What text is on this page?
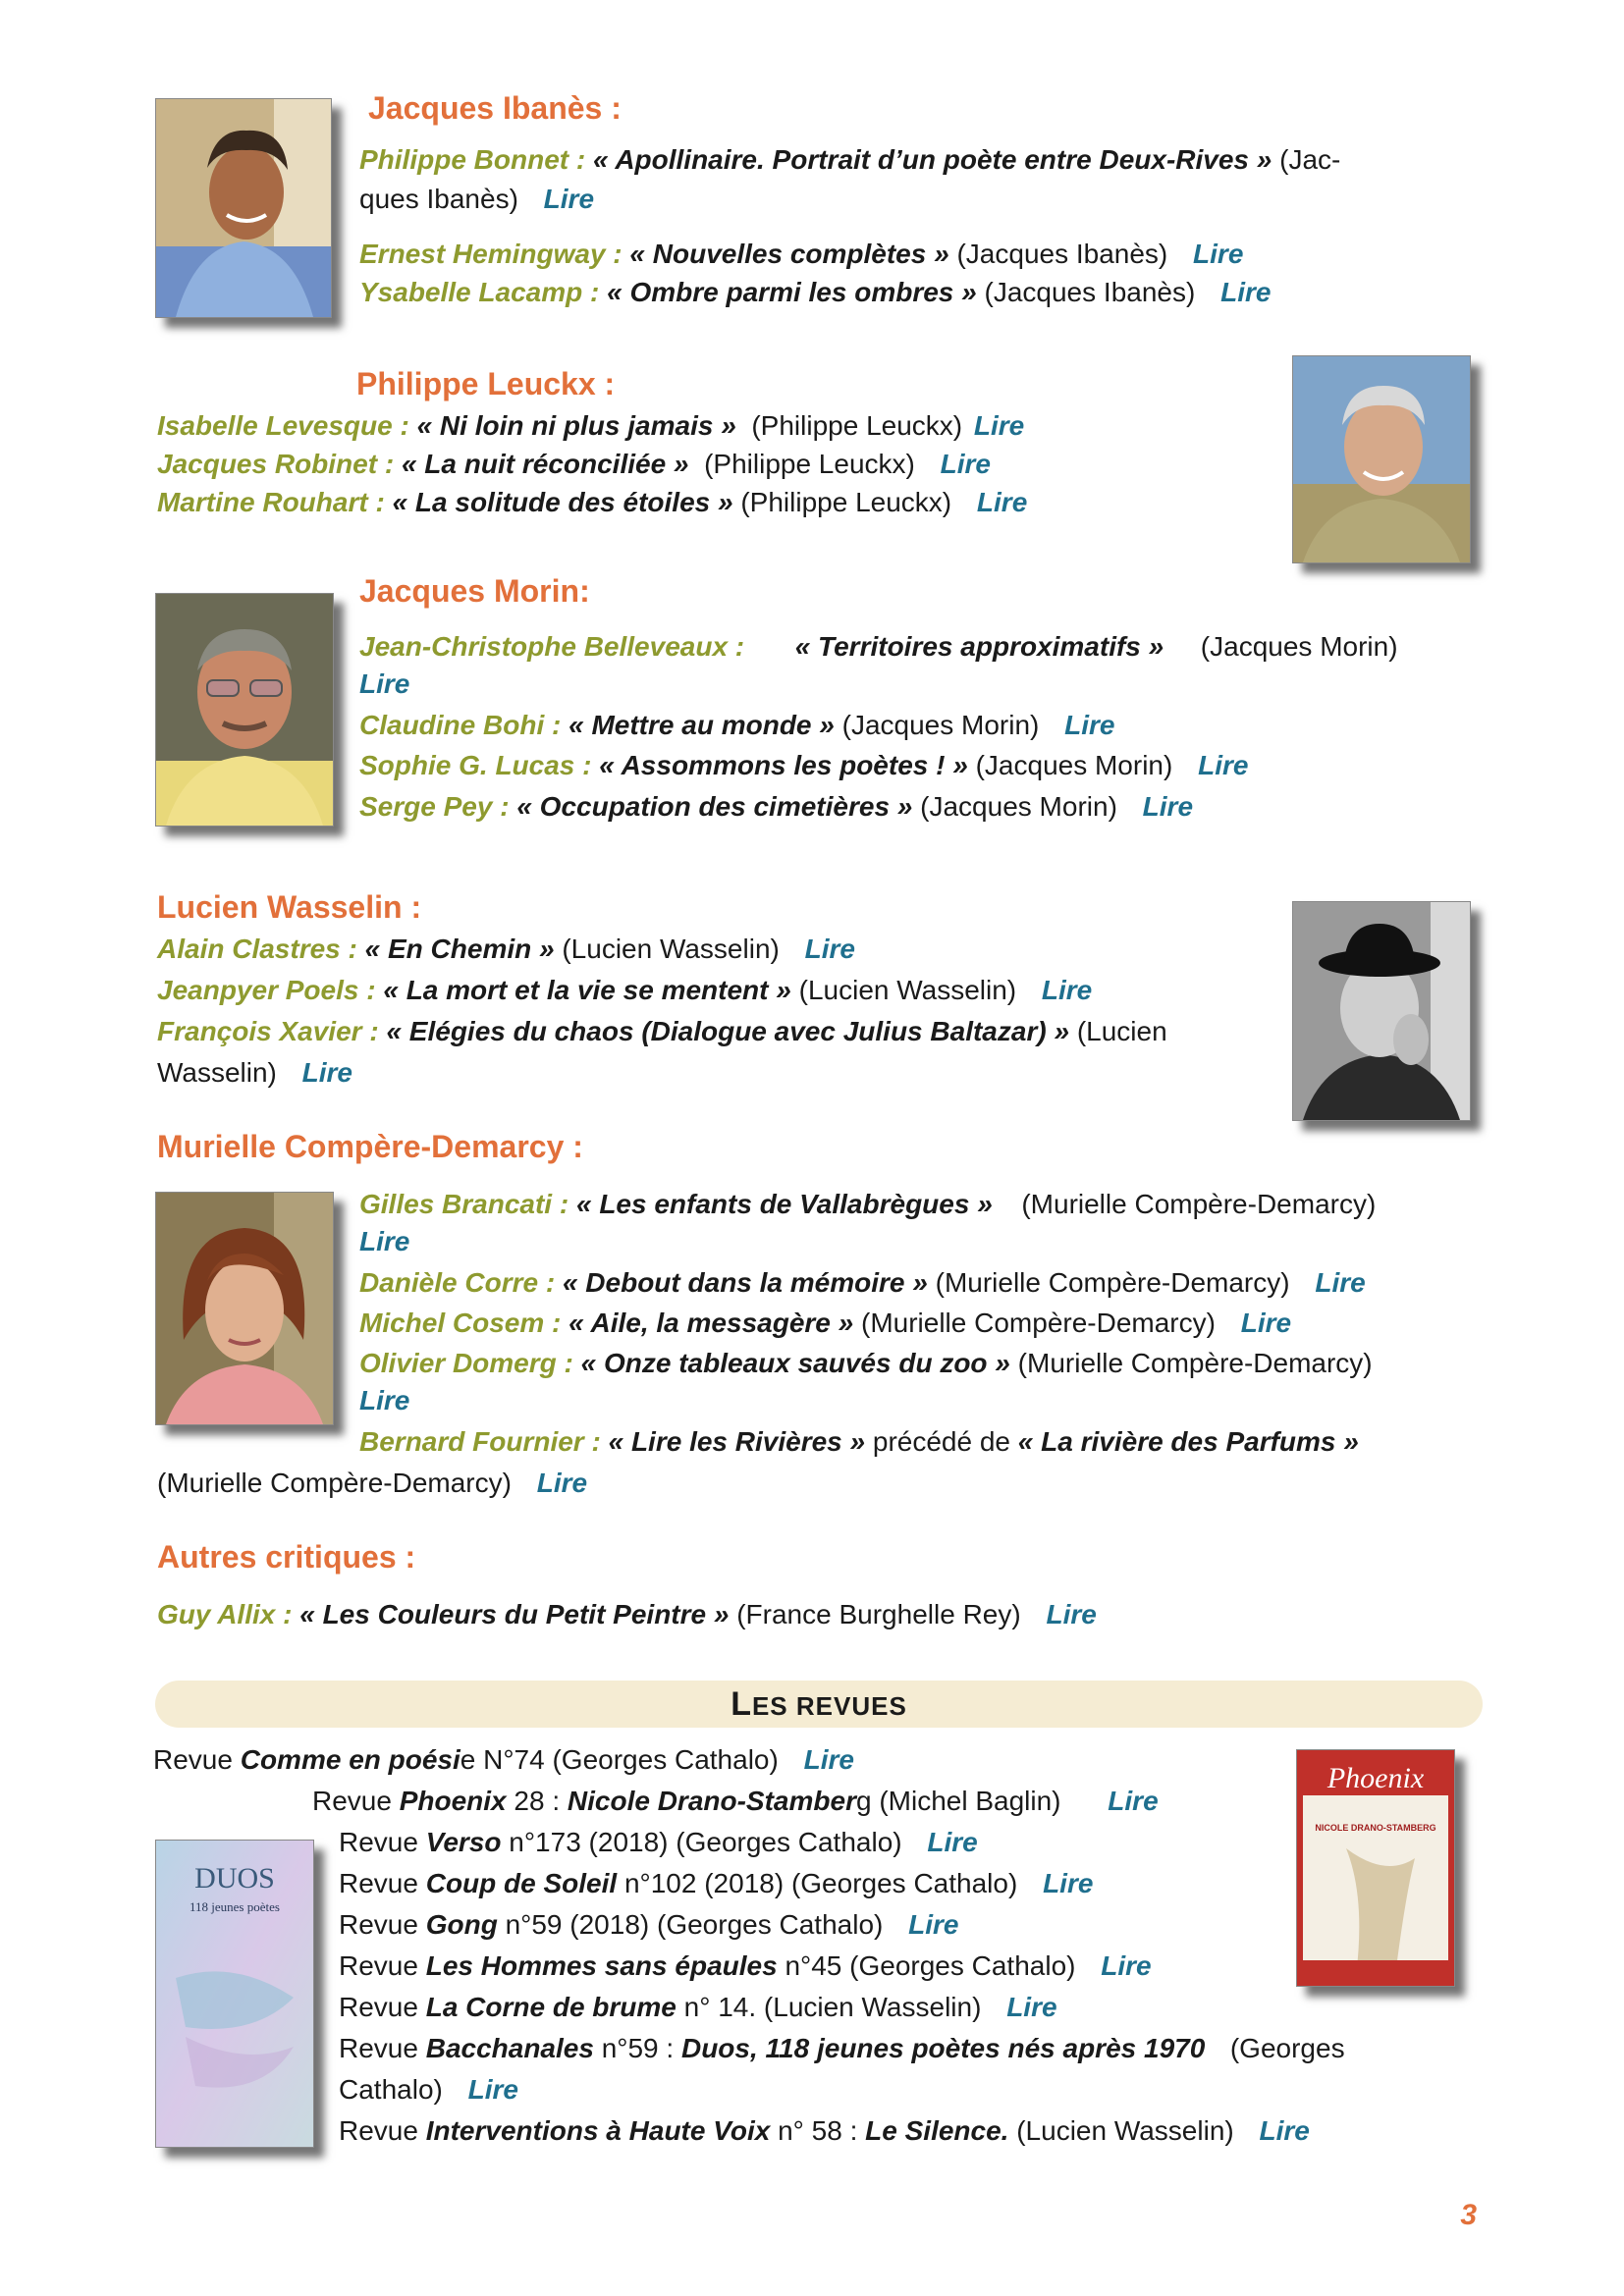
Jacques Ibanès :
Philippe Bonnet : « Apollinaire. Portrait d’un poète entre Deux-Rives » (Jac-
ques Ibanès) Lire
Ernest Hemingway : « Nouvelles complètes » (Jacques Ibanès) Lire
Ysabelle Lacamp : « Ombre parmi les ombres » (Jacques Ibanès) Lire
Philippe Leuckx :
Isabelle Levesque : « Ni loin ni plus jamais » (Philippe Leuckx) Lire
Jacques Robinet : « La nuit réconciliée » (Philippe Leuckx) Lire
Martine Rouhart : « La solitude des étoiles » (Philippe Leuckx) Lire
Jacques Morin:
Jean-Christophe Belleveaux : « Territoires approximatifs » (Jacques Morin)
Lire
Claudine Bohi : « Mettre au monde » (Jacques Morin) Lire
Sophie G. Lucas : « Assommons les poètes ! » (Jacques Morin) Lire
Serge Pey : « Occupation des cimetières » (Jacques Morin) Lire
Lucien Wasselin :
Alain Clastres : « En Chemin » (Lucien Wasselin) Lire
Jeanpyer Poels : « La mort et la vie se mentent » (Lucien Wasselin) Lire
François Xavier : « Elégies du chaos (Dialogue avec Julius Baltazar) » (Lucien
Wasselin) Lire
Murielle Compère-Demarcy :
Gilles Brancati : « Les enfants de Vallabrègues » (Murielle Compère-Demarcy)
Lire
Danièle Corre : « Debout dans la mémoire » (Murielle Compère-Demarcy) Lire
Michel Cosem : « Aile, la messagère » (Murielle Compère-Demarcy) Lire
Olivier Domerg : « Onze tableaux sauvés du zoo » (Murielle Compère-Demarcy)
Lire
Bernard Fournier : « Lire les Rivières » précédé de « La rivière des Parfums »
(Murielle Compère-Demarcy) Lire
Autres critiques :
Guy Allix : « Les Couleurs du Petit Peintre » (France Burghelle Rey) Lire
LES REVUES
Phoenix
NICOLE DRANO-STAMBERG
DUOS
118 jeunes poètes
Revue Comme en poésie N°74 (Georges Cathalo) Lire
Revue Phoenix 28 : Nicole Drano-Stamberg (Michel Baglin) Lire
Revue Verso n°173 (2018) (Georges Cathalo) Lire
Revue Coup de Soleil n°102 (2018) (Georges Cathalo) Lire
Revue Gong n°59 (2018) (Georges Cathalo) Lire
Revue Les Hommes sans épaules n°45 (Georges Cathalo) Lire
Revue La Corne de brume n° 14. (Lucien Wasselin) Lire
Revue Bacchanales n°59 : Duos, 118 jeunes poètes nés après 1970 (Georges
Cathalo) Lire
Revue Interventions à Haute Voix n° 58 : Le Silence. (Lucien Wasselin) Lire
3
